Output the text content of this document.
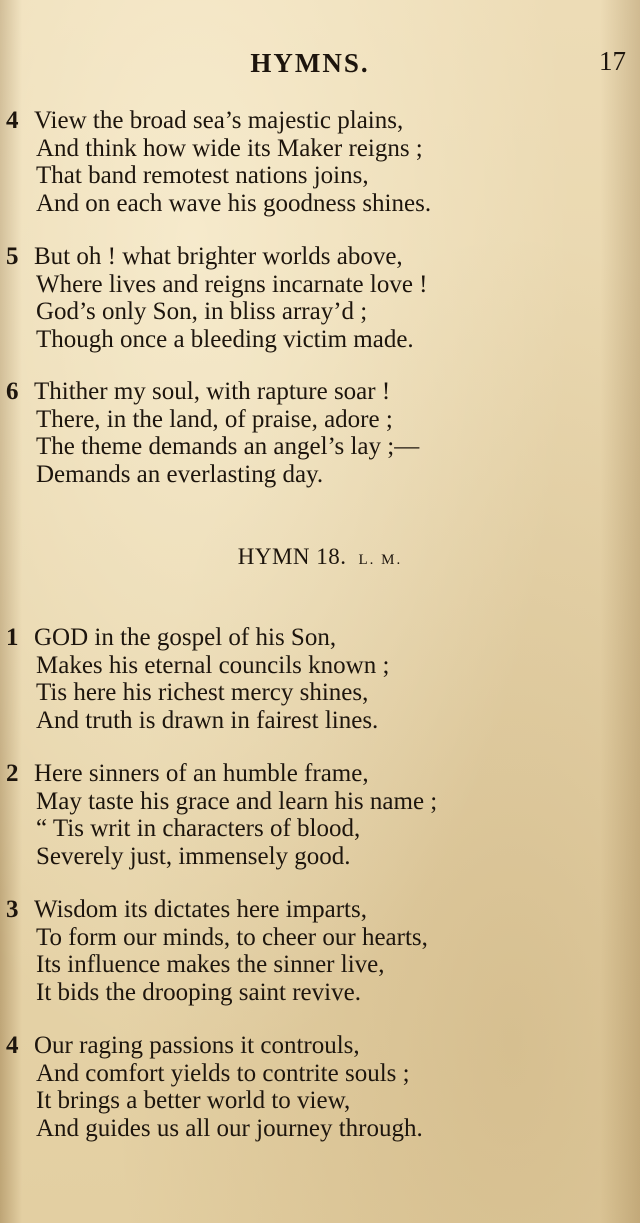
HYMNS.	17
4 View the broad sea’s majestic plains,
And think how wide its Maker reigns ;
That band remotest nations joins,
And on each wave his goodness shines.
5 But oh ! what brighter worlds above,
Where lives and reigns incarnate love !
God’s only Son, in bliss array’d ;
Though once a bleeding victim made.
6 Thither my soul, with rapture soar !
There, in the land, of praise, adore ;
The theme demands an angel’s lay ;—
Demands an everlasting day.
HYMN 18. L. M.
1 GOD in the gospel of his Son,
Makes his eternal councils known ;
Tis here his richest mercy shines,
And truth is drawn in fairest lines.
2 Here sinners of an humble frame,
May taste his grace and learn his name ;
“ Tis writ in characters of blood,
Severely just, immensely good.
3 Wisdom its dictates here imparts,
To form our minds, to cheer our hearts,
Its influence makes the sinner live,
It bids the drooping saint revive.
4 Our raging passions it controuls,
And comfort yields to contrite souls ;
It brings a better world to view,
And guides us all our journey through.
